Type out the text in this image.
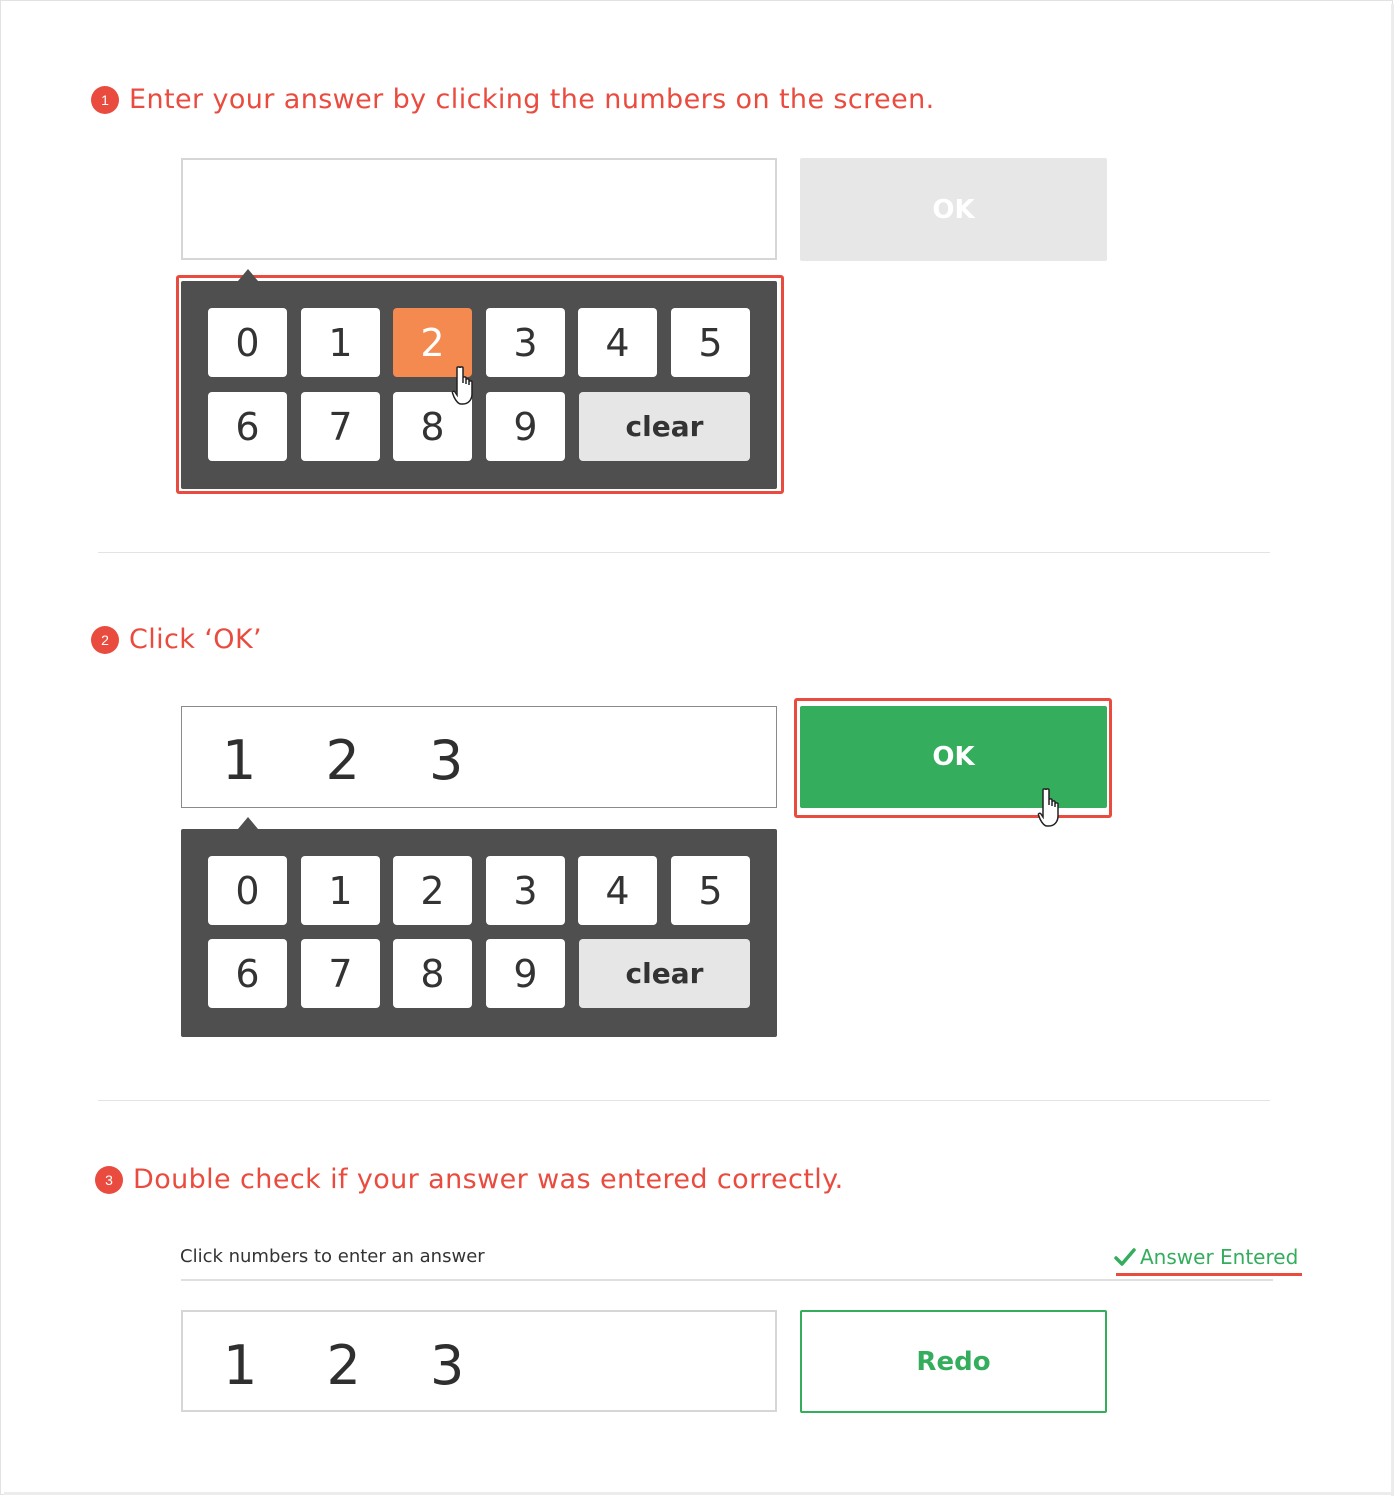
1 Enter your answer by clicking the numbers on the screen.
OK
0	1	2	3	4	5
6	7	8	9	clear
2 Click ‘OK’
1 2 3	OK
0	1	2	3	4	5
6	7	8	9	clear
3 Double check if your answer was entered correctly.
Click numbers to enter an answer	Answer Entered
1 2 3	Redo
